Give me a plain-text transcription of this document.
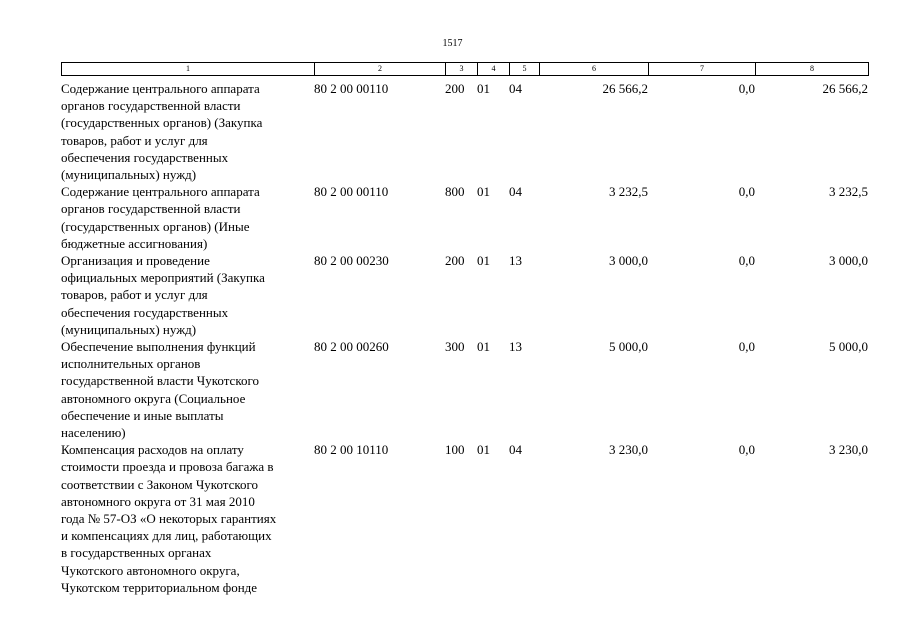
1517
1	2	3	4	5	6	7	8
Содержание центрального аппарата
органов государственной власти
(государственных органов) (Закупка
товаров, работ и услуг для
обеспечения государственных
(муниципальных) нужд)
80 2 00 00110	200 01 04	26 566,2	0,0	26 566,2
Содержание центрального аппарата
органов государственной власти
(государственных органов) (Иные
бюджетные ассигнования)
80 2 00 00110	800 01 04	3 232,5	0,0	3 232,5
Организация и проведение
официальных мероприятий (Закупка
товаров, работ и услуг для
обеспечения государственных
(муниципальных) нужд)
80 2 00 00230	200 01 13	3 000,0	0,0	3 000,0
Обеспечение выполнения функций
исполнительных органов
государственной власти Чукотского
автономного округа (Социальное
обеспечение и иные выплаты
населению)
80 2 00 00260	300 01 13	5 000,0	0,0	5 000,0
Компенсация расходов на оплату
стоимости проезда и провоза багажа в
соответствии с Законом Чукотского
автономного округа от 31 мая 2010
года № 57-ОЗ «О некоторых гарантиях
и компенсациях для лиц, работающих
в государственных органах
Чукотского автономного округа,
Чукотском территориальном фонде
80 2 00 10110	100 01 04	3 230,0	0,0	3 230,0
